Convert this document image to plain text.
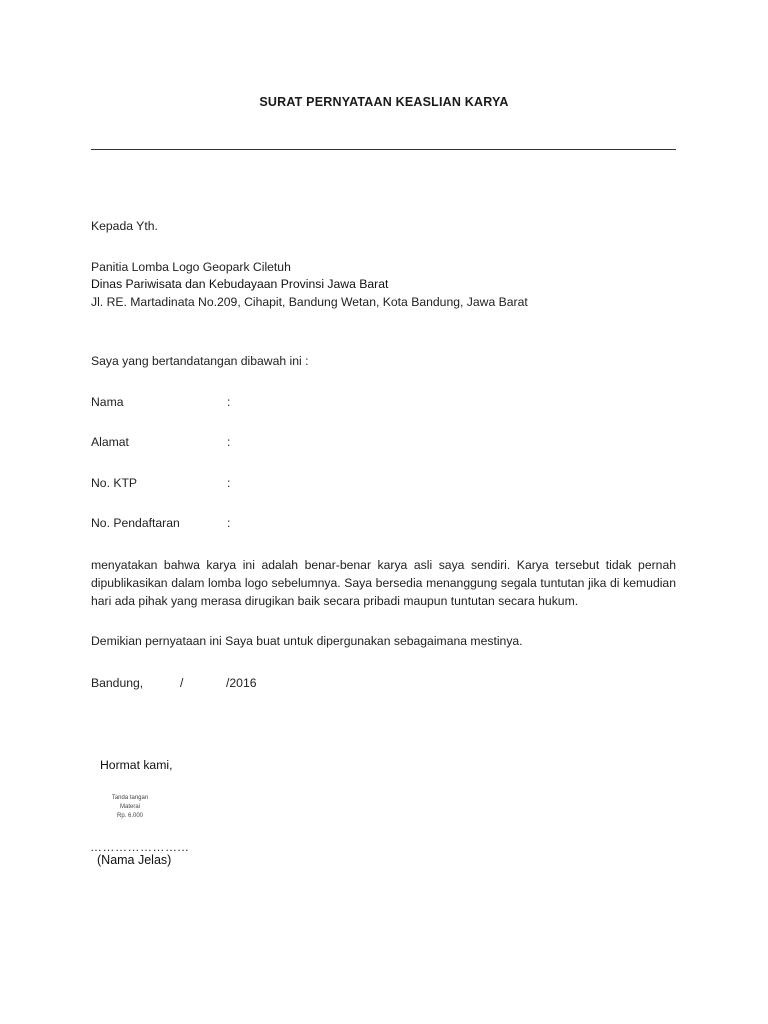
SURAT PERNYATAAN KEASLIAN KARYA
Kepada Yth.
Panitia Lomba Logo Geopark Ciletuh
Dinas Pariwisata dan Kebudayaan Provinsi Jawa Barat
Jl. RE. Martadinata No.209, Cihapit, Bandung Wetan, Kota Bandung, Jawa Barat
Saya yang bertandatangan dibawah ini :
Nama	:
Alamat	:
No. KTP	:
No. Pendaftaran	:
menyatakan bahwa karya ini adalah benar-benar karya asli saya sendiri. Karya tersebut tidak pernah dipublikasikan dalam lomba logo sebelumnya. Saya bersedia menanggung segala tuntutan jika di kemudian hari ada pihak yang merasa dirugikan baik secara pribadi maupun tuntutan secara hukum.
Demikian pernyataan ini Saya buat untuk dipergunakan sebagaimana mestinya.
Bandung,	/	/2016
Hormat kami,
Tanda tangan
Materai
Rp. 6.000
…………………...
(Nama Jelas)
